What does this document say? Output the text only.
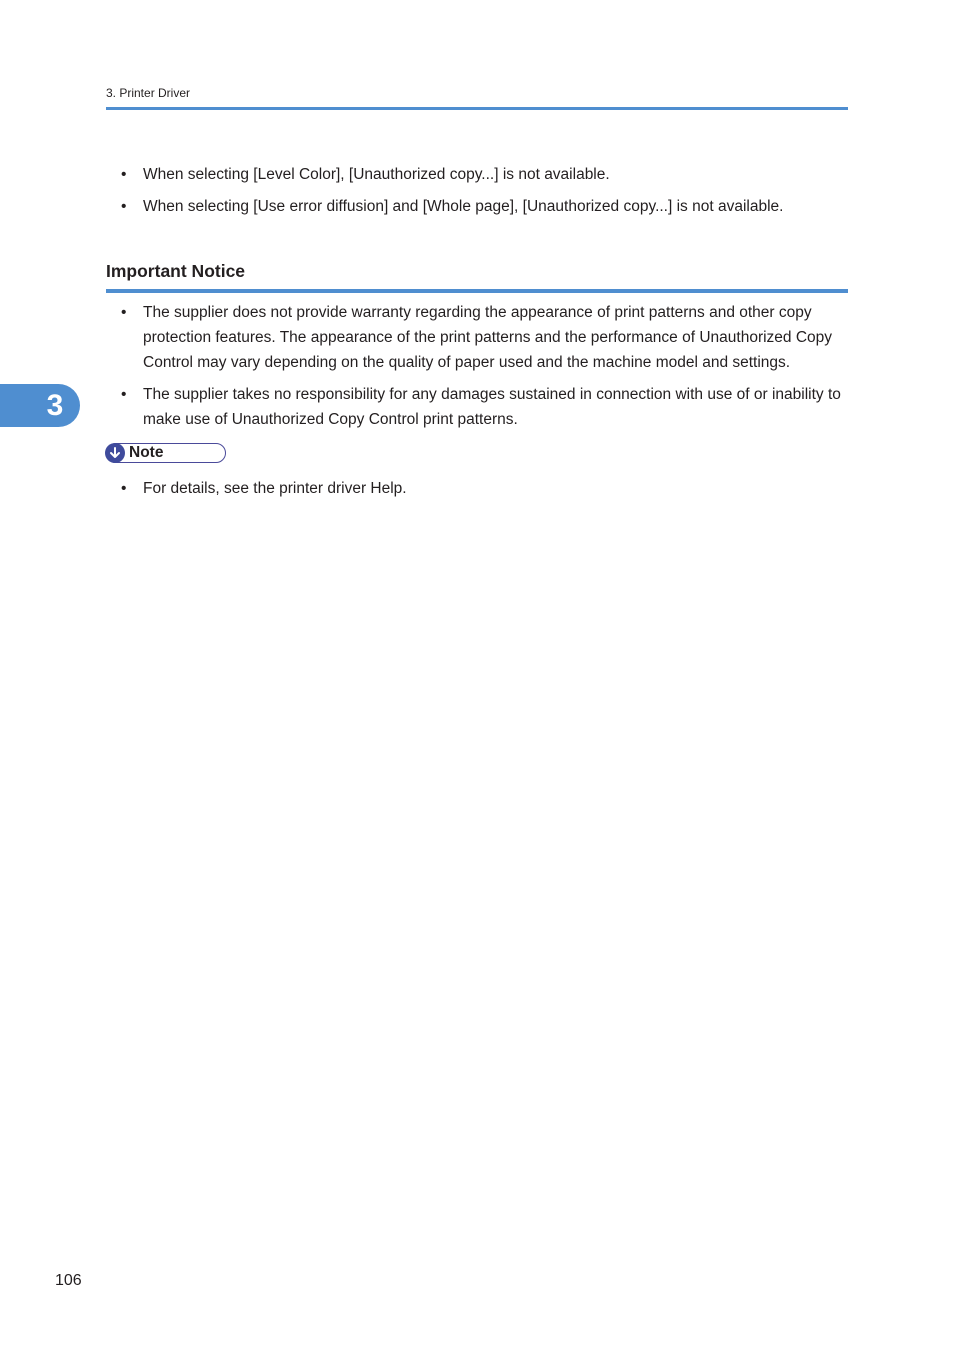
3. Printer Driver
• When selecting [Level Color], [Unauthorized copy...] is not available.
• When selecting [Use error diffusion] and [Whole page], [Unauthorized copy...] is not available.
Important Notice
• The supplier does not provide warranty regarding the appearance of print patterns and other copy protection features. The appearance of the print patterns and the performance of Unauthorized Copy Control may vary depending on the quality of paper used and the machine model and settings.
• The supplier takes no responsibility for any damages sustained in connection with use of or inability to make use of Unauthorized Copy Control print patterns.
3
Note
• For details, see the printer driver Help.
106
